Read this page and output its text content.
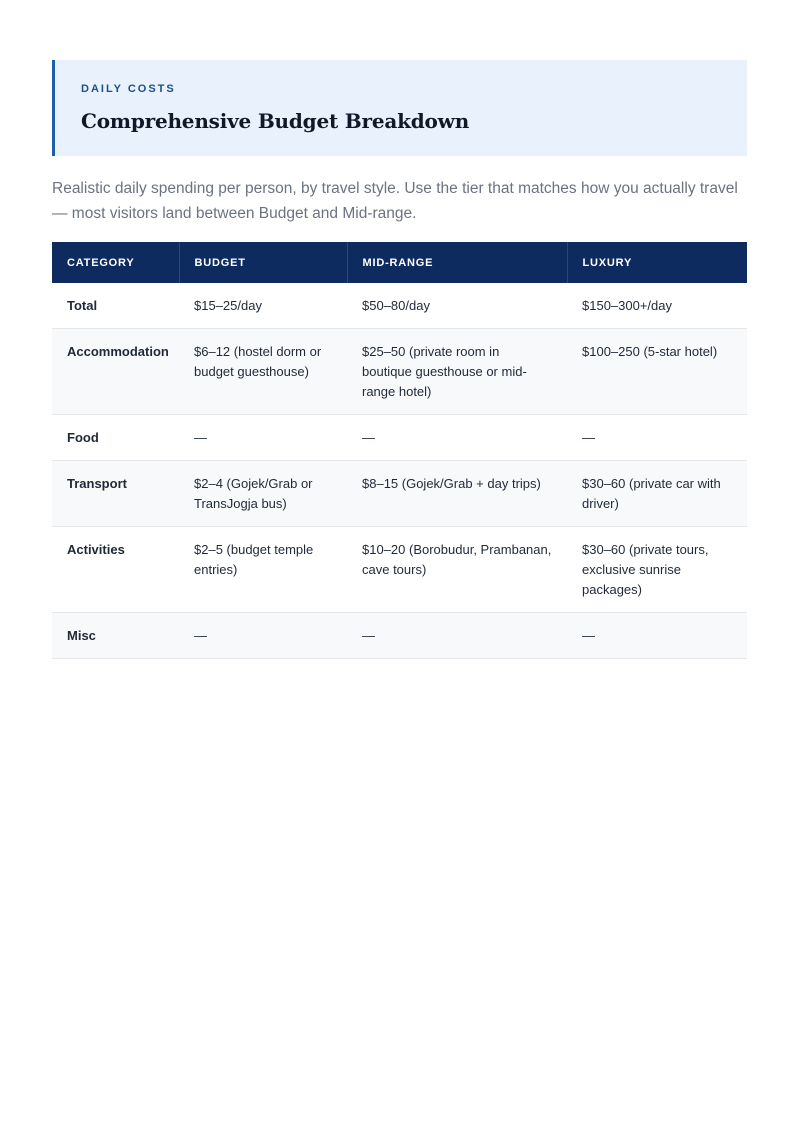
DAILY COSTS
Comprehensive Budget Breakdown

Realistic daily spending per person, by travel style. Use the tier that matches how you actually travel — most visitors land between Budget and Mid-range.

CATEGORY	BUDGET	MID-RANGE	LUXURY
Total	$15–25/day	$50–80/day	$150–300+/day
Accommodation	$6–12 (hostel dorm or budget guesthouse)	$25–50 (private room in boutique guesthouse or mid-range hotel)	$100–250 (5-star hotel)
Food	—	—	—
Transport	$2–4 (Gojek/Grab or TransJogja bus)	$8–15 (Gojek/Grab + day trips)	$30–60 (private car with driver)
Activities	$2–5 (budget temple entries)	$10–20 (Borobudur, Prambanan, cave tours)	$30–60 (private tours, exclusive sunrise packages)
Misc	—	—	—
